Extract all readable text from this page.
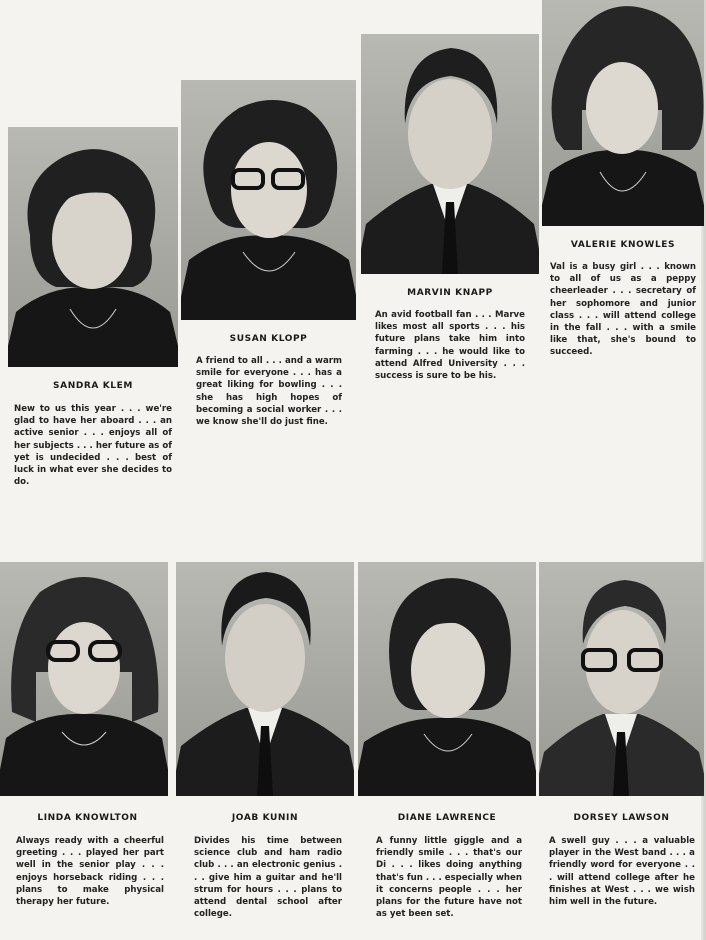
SANDRA KLEM
New to us this year . . . we're glad to have her aboard . . . an active senior . . . enjoys all of her subjects . . . her future as of yet is undecided . . . best of luck in what ever she decides to do.
SUSAN KLOPP
A friend to all . . . and a warm smile for everyone . . . has a great liking for bowling . . . she has high hopes of becoming a social worker . . . we know she'll do just fine.
MARVIN KNAPP
An avid football fan . . . Marve likes most all sports . . . his future plans take him into farming . . . he would like to attend Alfred University . . . success is sure to be his.
VALERIE KNOWLES
Val is a busy girl . . . known to all of us as a peppy cheerleader . . . secretary of her sophomore and junior class . . . will attend college in the fall . . . with a smile like that, she's bound to succeed.
LINDA KNOWLTON
Always ready with a cheerful greeting . . . played her part well in the senior play . . . enjoys horseback riding . . . plans to make physical therapy her future.
JOAB KUNIN
Divides his time between science club and ham radio club . . . an electronic genius . . . give him a guitar and he'll strum for hours . . . plans to attend dental school after college.
DIANE LAWRENCE
A funny little giggle and a friendly smile . . . that's our Di . . . likes doing anything that's fun . . . especially when it concerns people . . . her plans for the future have not as yet been set.
DORSEY LAWSON
A swell guy . . . a valuable player in the West band . . . a friendly word for everyone . . . will attend college after he finishes at West . . . we wish him well in the future.
